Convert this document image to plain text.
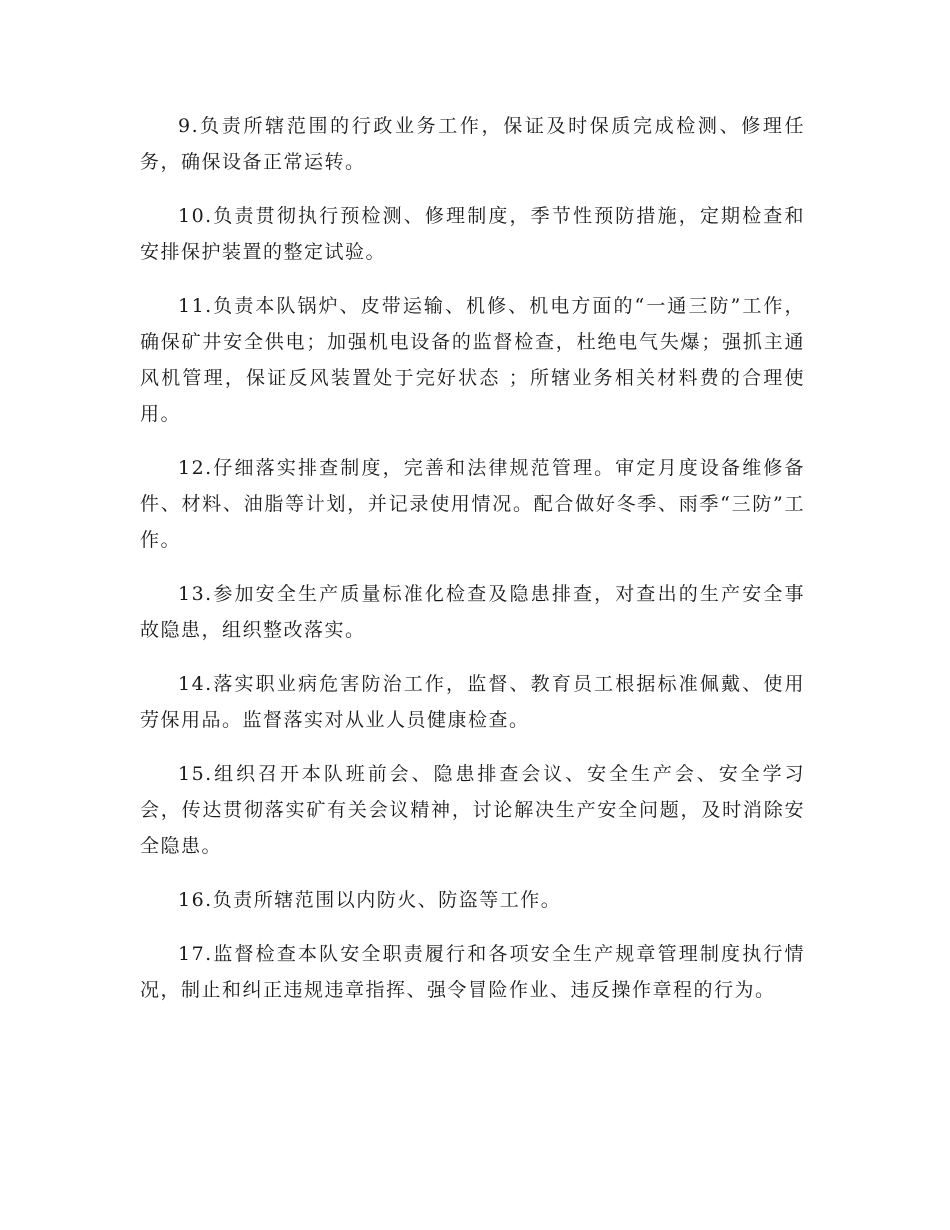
9.负责所辖范围的行政业务工作，保证及时保质完成检测、修理任务，确保设备正常运转。

10.负责贯彻执行预检测、修理制度，季节性预防措施，定期检查和安排保护装置的整定试验。

11.负责本队锅炉、皮带运输、机修、机电方面的“一通三防”工作，确保矿井安全供电；加强机电设备的监督检查，杜绝电气失爆；强抓主通风机管理，保证反风装置处于完好状态 ；所辖业务相关材料费的合理使用。

12.仔细落实排查制度，完善和法律规范管理。审定月度设备维修备件、材料、油脂等计划，并记录使用情况。配合做好冬季、雨季“三防”工作。

13.参加安全生产质量标准化检查及隐患排查，对查出的生产安全事故隐患，组织整改落实。

14.落实职业病危害防治工作，监督、教育员工根据标准佩戴、使用劳保用品。监督落实对从业人员健康检查。

15.组织召开本队班前会、隐患排查会议、安全生产会、安全学习会，传达贯彻落实矿有关会议精神，讨论解决生产安全问题，及时消除安全隐患。

16.负责所辖范围以内防火、防盗等工作。

17.监督检查本队安全职责履行和各项安全生产规章管理制度执行情况，制止和纠正违规违章指挥、强令冒险作业、违反操作章程的行为。
